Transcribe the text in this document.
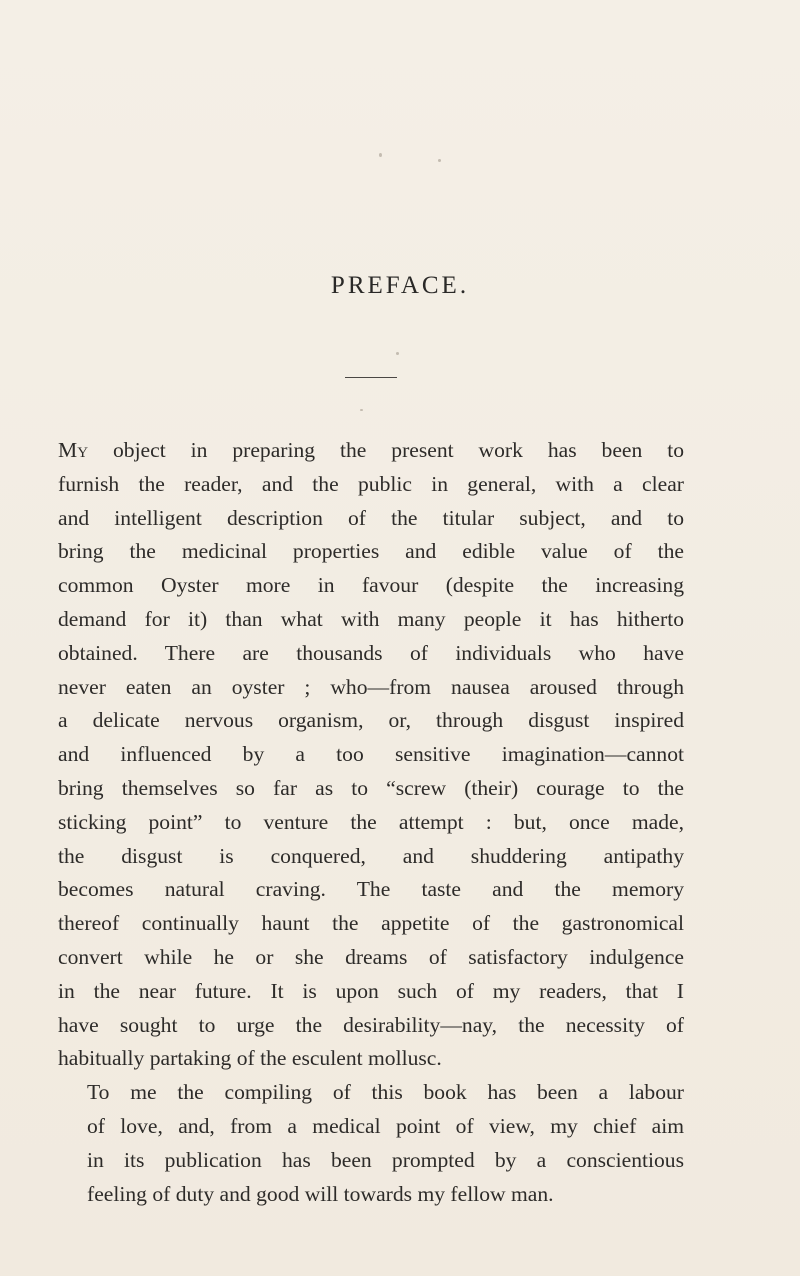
PREFACE.

My object in preparing the present work has been to
furnish the reader, and the public in general, with a clear
and intelligent description of the titular subject, and to
bring the medicinal properties and edible value of the
common Oyster more in favour (despite the increasing
demand for it) than what with many people it has hitherto
obtained. There are thousands of individuals who have
never eaten an oyster ; who—from nausea aroused through
a delicate nervous organism, or, through disgust inspired
and influenced by a too sensitive imagination—cannot
bring themselves so far as to “screw (their) courage to the
sticking point” to venture the attempt : but, once made,
the disgust is conquered, and shuddering antipathy
becomes natural craving. The taste and the memory
thereof continually haunt the appetite of the gastronomical
convert while he or she dreams of satisfactory indulgence
in the near future. It is upon such of my readers, that I
have sought to urge the desirability—nay, the necessity of
habitually partaking of the esculent mollusc.

To me the compiling of this book has been a labour
of love, and, from a medical point of view, my chief aim
in its publication has been prompted by a conscientious
feeling of duty and good will towards my fellow man.
